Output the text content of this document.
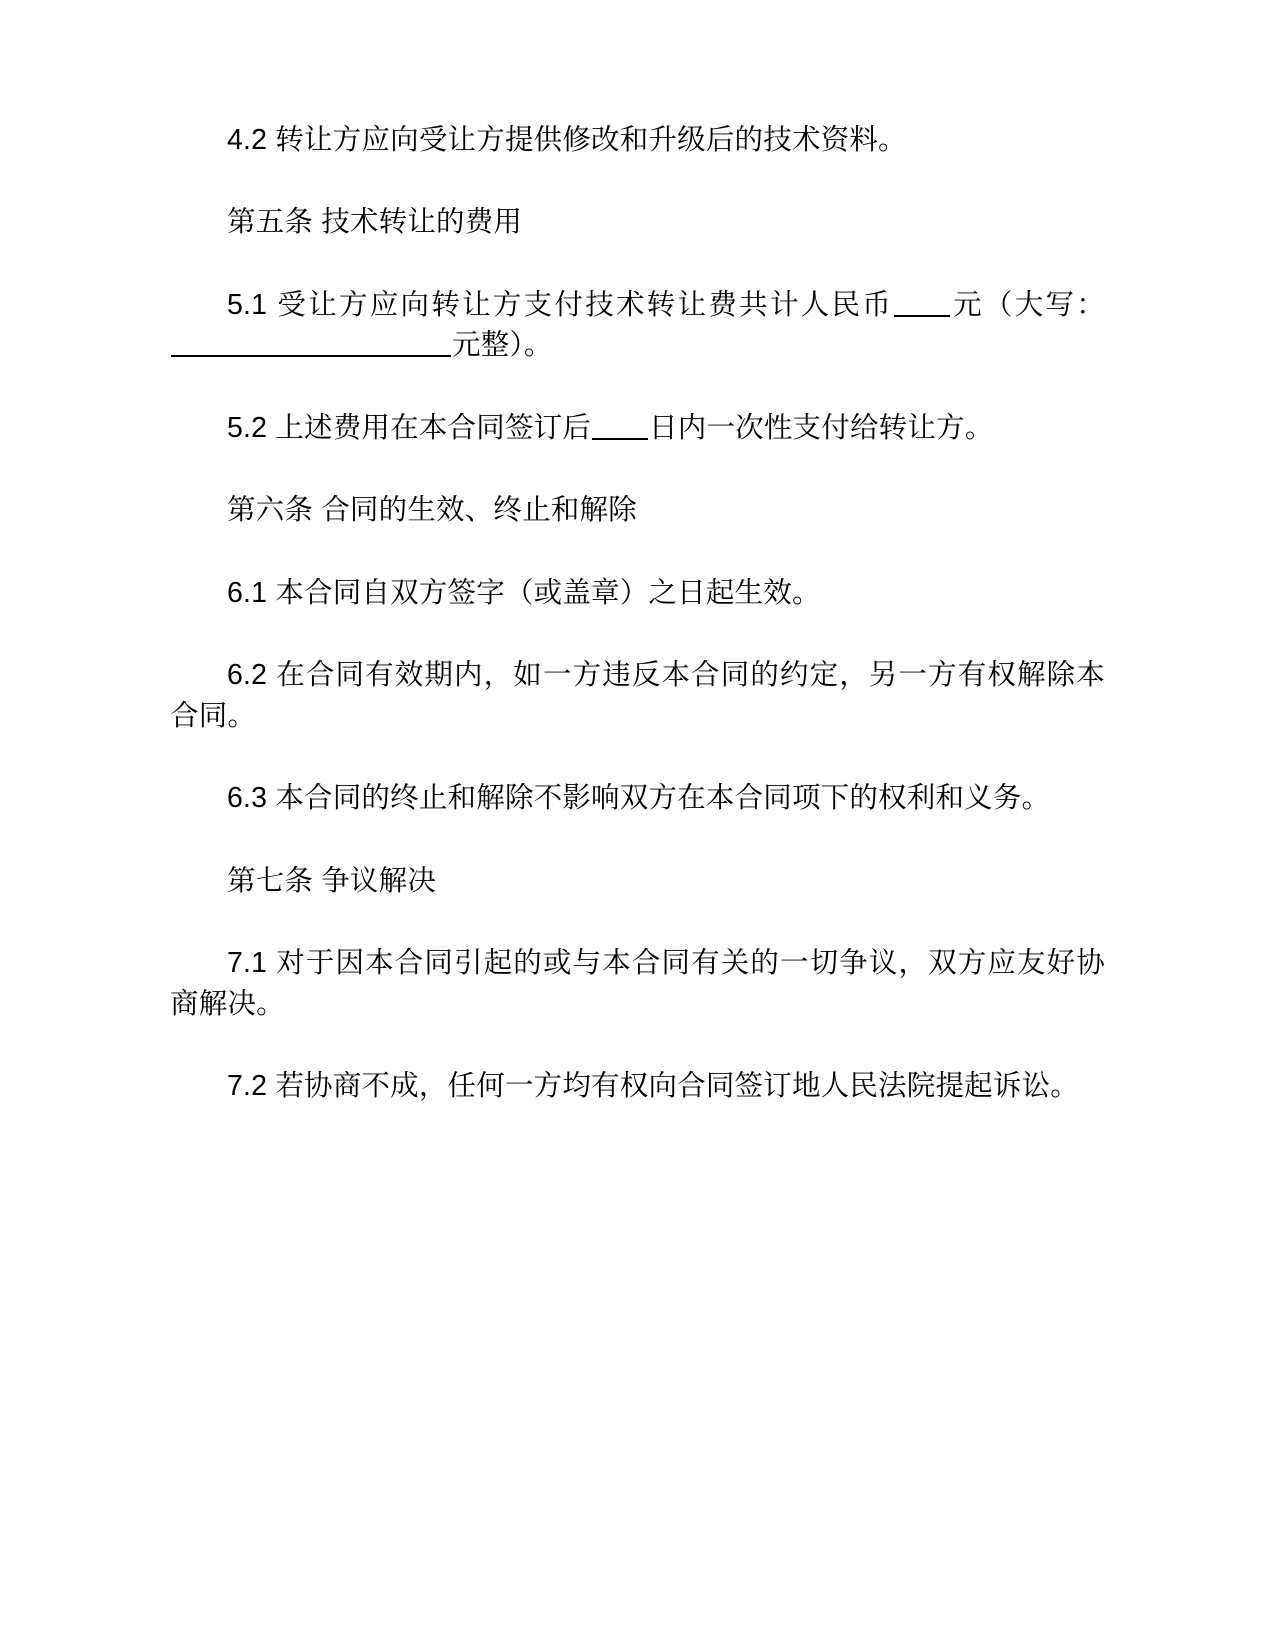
4.2 转让方应向受让方提供修改和升级后的技术资料。

第五条 技术转让的费用

5.1 受让方应向转让方支付技术转让费共计人民币 元（大写：元整）。

5.2 上述费用在本合同签订后 日内一次性支付给转让方。

第六条 合同的生效、终止和解除

6.1 本合同自双方签字（或盖章）之日起生效。

6.2 在合同有效期内，如一方违反本合同的约定，另一方有权解除本合同。

6.3 本合同的终止和解除不影响双方在本合同项下的权利和义务。

第七条 争议解决

7.1 对于因本合同引起的或与本合同有关的一切争议，双方应友好协商解决。

7.2 若协商不成，任何一方均有权向合同签订地人民法院提起诉讼。
